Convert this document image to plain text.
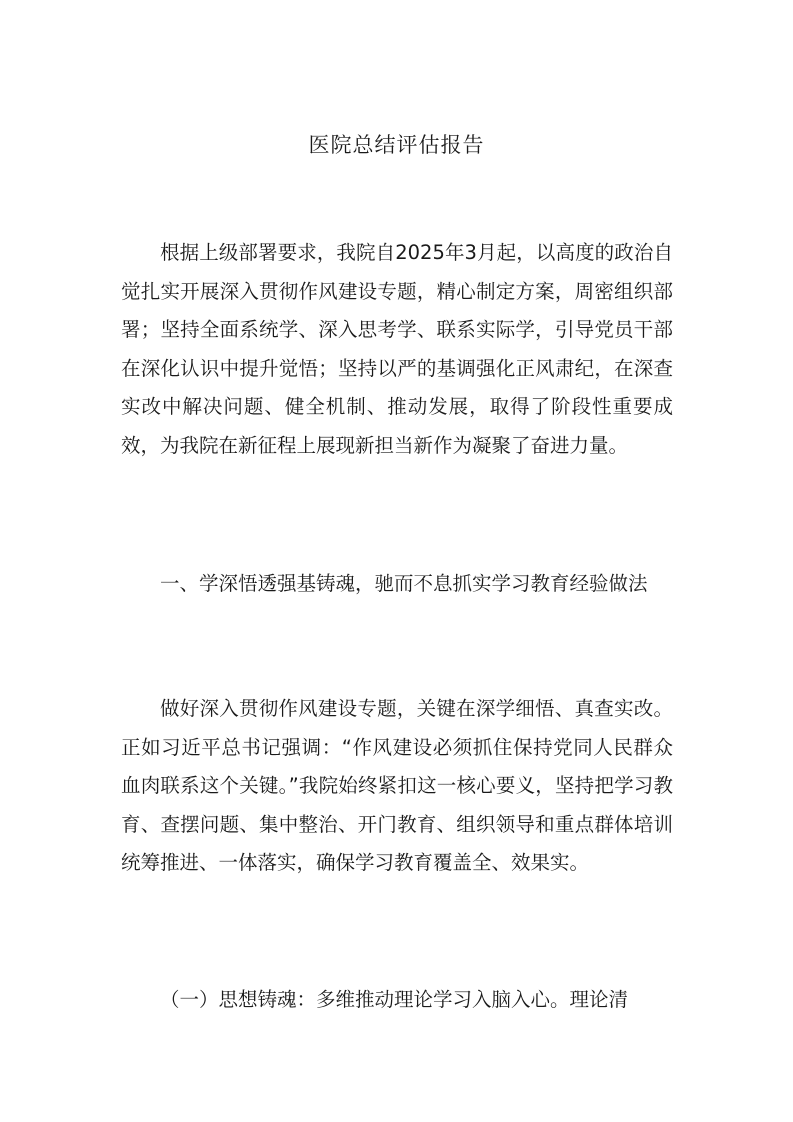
医院总结评估报告

根据上级部署要求，我院自2025年3月起，以高度的政治自觉扎实开展深入贯彻作风建设专题，精心制定方案，周密组织部署；坚持全面系统学、深入思考学、联系实际学，引导党员干部在深化认识中提升觉悟；坚持以严的基调强化正风肃纪，在深查实改中解决问题、健全机制、推动发展，取得了阶段性重要成效，为我院在新征程上展现新担当新作为凝聚了奋进力量。

一、学深悟透强基铸魂，驰而不息抓实学习教育经验做法

做好深入贯彻作风建设专题，关键在深学细悟、真查实改。正如习近平总书记强调：“作风建设必须抓住保持党同人民群众血肉联系这个关键。”我院始终紧扣这一核心要义，坚持把学习教育、查摆问题、集中整治、开门教育、组织领导和重点群体培训统筹推进、一体落实，确保学习教育覆盖全、效果实。

（一）思想铸魂：多维推动理论学习入脑入心。理论清
